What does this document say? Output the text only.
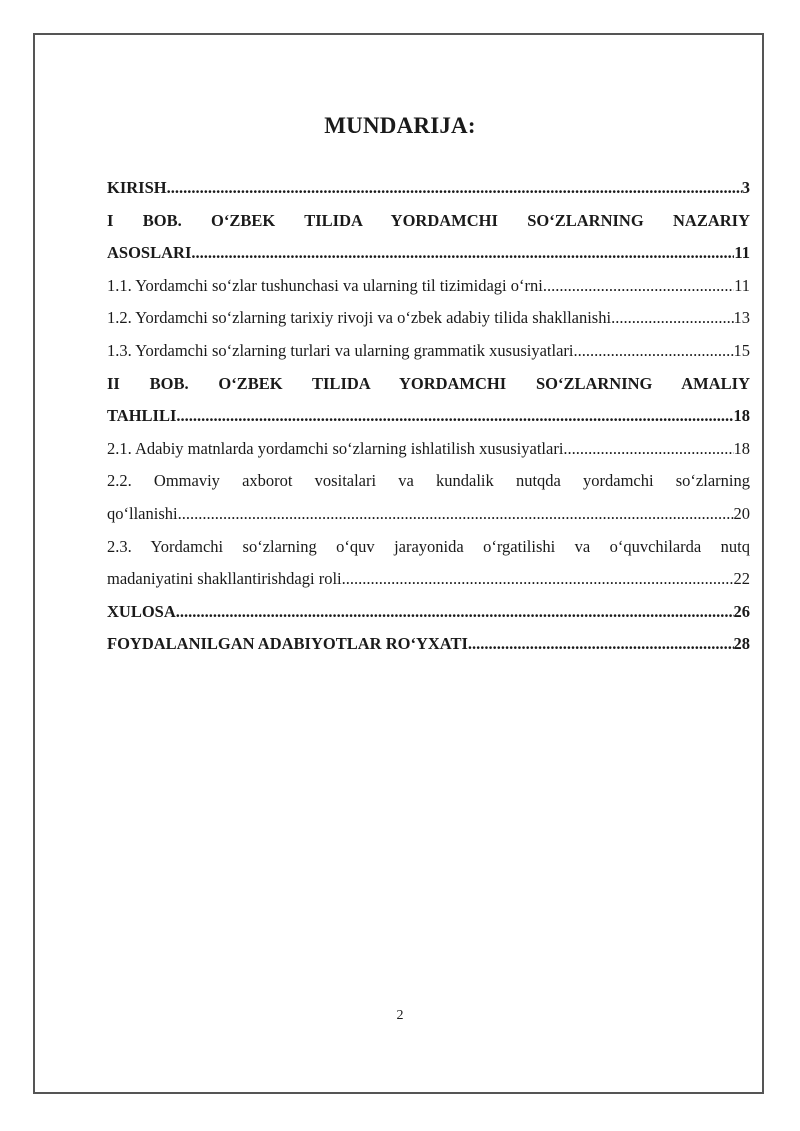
MUNDARIJA:
KIRISH .....	3
I BOB. O‘ZBEK TILIDA YORDAMCHI SO‘ZLARNING NAZARIY
ASOSLARI .....	11
1.1. Yordamchi so‘zlar tushunchasi va ularning til tizimidagi o‘rni .....	11
1.2. Yordamchi so‘zlarning tarixiy rivoji va o‘zbek adabiy tilida shakllanishi .....	13
1.3. Yordamchi so‘zlarning turlari va ularning grammatik xususiyatlari .....	15
II BOB. O‘ZBEK TILIDA YORDAMCHI SO‘ZLARNING AMALIY
TAHLILI .....	18
2.1. Adabiy matnlarda yordamchi so‘zlarning ishlatilish xususiyatlari .....	18
2.2. Ommaviy axborot vositalari va kundalik nutqda yordamchi so‘zlarning
qo‘llanishi .....	20
2.3. Yordamchi so‘zlarning o‘quv jarayonida o‘rgatilishi va o‘quvchilarda nutq
madaniyatini shakllantirishdagi roli .....	22
XULOSA .....	26
FOYDALANILGAN ADABIYOTLAR RO‘YXATI .....	28
2
